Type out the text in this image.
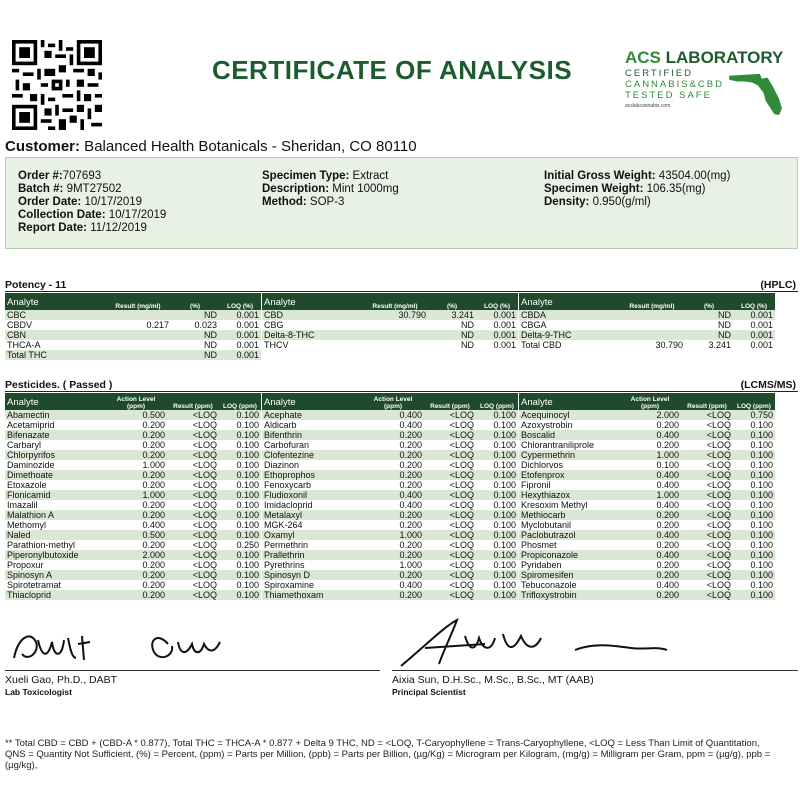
CERTIFICATE OF ANALYSIS	ACS LABORATORY
CERTIFIED
CANNABIS&CBD
TESTED SAFE
acslabcannabis.com
Customer: Balanced Health Botanicals - Sheridan, CO 80110
Order #:707693
Batch #: 9MT27502
Order Date: 10/17/2019
Collection Date: 10/17/2019
Report Date: 11/12/2019
Specimen Type: Extract
Description: Mint 1000mg
Method: SOP-3
Initial Gross Weight: 43504.00(mg)
Specimen Weight: 106.35(mg)
Density: 0.950(g/ml)
Potency - 11	(HPLC)
Analyte	Result (mg/ml)	(%)	LOQ (%)
CBC		ND	0.001
CBDV	0.217	0.023	0.001
CBN		ND	0.001
THCA-A		ND	0.001
Total THC		ND	0.001
Analyte	Result (mg/ml)	(%)	LOQ (%)
CBD	30.790	3.241	0.001
CBG		ND	0.001
Delta-8-THC		ND	0.001
THCV		ND	0.001
Analyte	Result (mg/ml)	(%)	LOQ (%)
CBDA		ND	0.001
CBGA		ND	0.001
Delta-9-THC		ND	0.001
Total CBD	30.790	3.241	0.001
Pesticides. ( Passed )	(LCMS/MS)
Analyte	Action Level (ppm)	Result (ppm)	LOQ (ppm)
Abamectin	0.500	<LOQ	0.100
Acetamiprid	0.200	<LOQ	0.100
Bifenazate	0.200	<LOQ	0.100
Carbaryl	0.200	<LOQ	0.100
Chlorpyrifos	0.200	<LOQ	0.100
Daminozide	1.000	<LOQ	0.100
Dimethoate	0.200	<LOQ	0.100
Etoxazole	0.200	<LOQ	0.100
Flonicamid	1.000	<LOQ	0.100
Imazalil	0.200	<LOQ	0.100
Malathion A	0.200	<LOQ	0.100
Methomyl	0.400	<LOQ	0.100
Naled	0.500	<LOQ	0.100
Parathion-methyl	0.200	<LOQ	0.250
Piperonylbutoxide	2.000	<LOQ	0.100
Propoxur	0.200	<LOQ	0.100
Spinosyn A	0.200	<LOQ	0.100
Spirotetramat	0.200	<LOQ	0.100
Thiacloprid	0.200	<LOQ	0.100
Analyte	Action Level (ppm)	Result (ppm)	LOQ (ppm)
Acephate	0.400	<LOQ	0.100
Aldicarb	0.400	<LOQ	0.100
Bifenthrin	0.200	<LOQ	0.100
Carbofuran	0.200	<LOQ	0.100
Clofentezine	0.200	<LOQ	0.100
Diazinon	0.200	<LOQ	0.100
Ethoprophos	0.200	<LOQ	0.100
Fenoxycarb	0.200	<LOQ	0.100
Fludioxonil	0.400	<LOQ	0.100
Imidacloprid	0.400	<LOQ	0.100
Metalaxyl	0.200	<LOQ	0.100
MGK-264	0.200	<LOQ	0.100
Oxamyl	1.000	<LOQ	0.100
Permethrin	0.200	<LOQ	0.100
Prallethrin	0.200	<LOQ	0.100
Pyrethrins	1.000	<LOQ	0.100
Spinosyn D	0.200	<LOQ	0.100
Spiroxamine	0.400	<LOQ	0.100
Thiamethoxam	0.200	<LOQ	0.100
Analyte	Action Level (ppm)	Result (ppm)	LOQ (ppm)
Acequinocyl	2.000	<LOQ	0.750
Azoxystrobin	0.200	<LOQ	0.100
Boscalid	0.400	<LOQ	0.100
Chlorantraniliprole	0.200	<LOQ	0.100
Cypermethrin	1.000	<LOQ	0.100
Dichlorvos	0.100	<LOQ	0.100
Etofenprox	0.400	<LOQ	0.100
Fipronil	0.400	<LOQ	0.100
Hexythiazox	1.000	<LOQ	0.100
Kresoxim Methyl	0.400	<LOQ	0.100
Methiocarb	0.200	<LOQ	0.100
Myclobutanil	0.200	<LOQ	0.100
Paclobutrazol	0.400	<LOQ	0.100
Phosmet	0.200	<LOQ	0.100
Propiconazole	0.400	<LOQ	0.100
Pyridaben	0.200	<LOQ	0.100
Spiromesifen	0.200	<LOQ	0.100
Tebuconazole	0.400	<LOQ	0.100
Trifloxystrobin	0.200	<LOQ	0.100
Xueli Gao, Ph.D., DABT
Lab Toxicologist
Aixia Sun, D.H.Sc., M.Sc., B.Sc., MT (AAB)
Principal Scientist
** Total CBD = CBD + (CBD-A * 0.877), Total THC = THCA-A * 0.877 + Delta 9 THC, ND = <LOQ, T-Caryophyllene = Trans-Caryophyllene, <LOQ = Less Than Limit of Quantitation, QNS = Quantity Not Sufficient, (%) = Percent, (ppm) = Parts per Million, (ppb) = Parts per Billion, (µg/Kg) = Microgram per Kilogram, (mg/g) = Milligram per Gram, ppm = (µg/g), ppb = (µg/kg),
